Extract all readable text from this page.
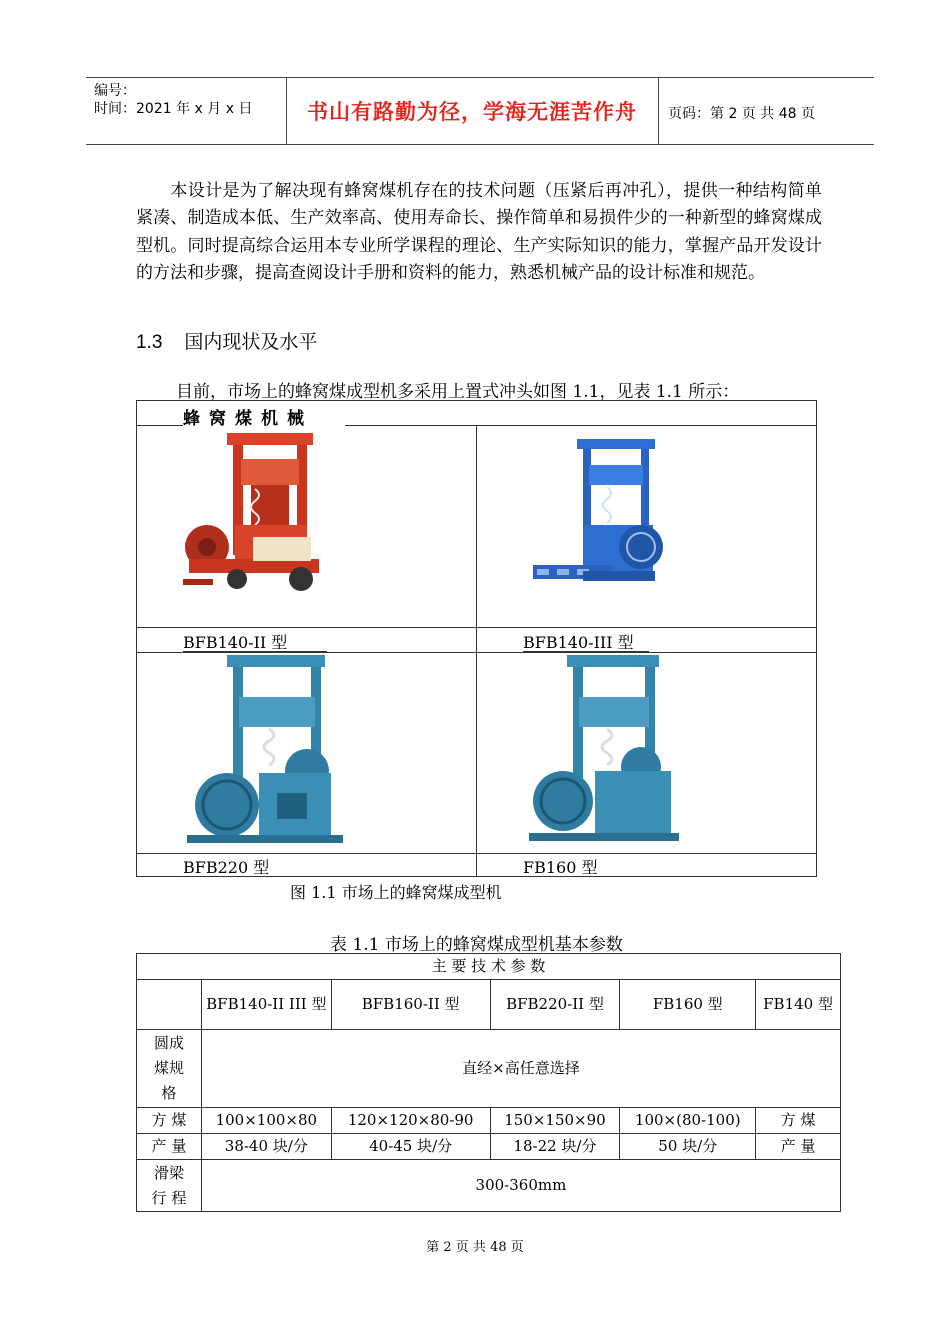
编号：
时间：2021 年 x 月 x 日	书山有路勤为径，学海无涯苦作舟	页码：第 2 页 共 48 页

本设计是为了解决现有蜂窝煤机存在的技术问题（压紧后再冲孔），提供一种结构简单紧凑、制造成本低、生产效率高、使用寿命长、操作简单和易损件少的一种新型的蜂窝煤成型机。同时提高综合运用本专业所学课程的理论、生产实际知识的能力，掌握产品开发设计的方法和步骤，提高查阅设计手册和资料的能力，熟悉机械产品的设计标准和规范。

1.3 国内现状及水平
目前，市场上的蜂窝煤成型机多采用上置式冲头如图 1.1，见表 1.1 所示：
蜂窝煤机械
BFB140-II 型	BFB140-III 型
BFB220 型	FB160 型
图 1.1 市场上的蜂窝煤成型机
表 1.1 市场上的蜂窝煤成型机基本参数
主 要 技 术 参 数					
	BFB140-II III 型	BFB160-II 型	BFB220-II 型	FB160 型	FB140 型
圆成煤规格	直经×高任意选择				
方 煤	100×100×80	120×120×80-90	150×150×90	100×(80-100)	方 煤
产 量	38-40 块/分	40-45 块/分	18-22 块/分	50 块/分	产 量
滑梁行 程	300-360mm				
第 2 页 共 48 页
